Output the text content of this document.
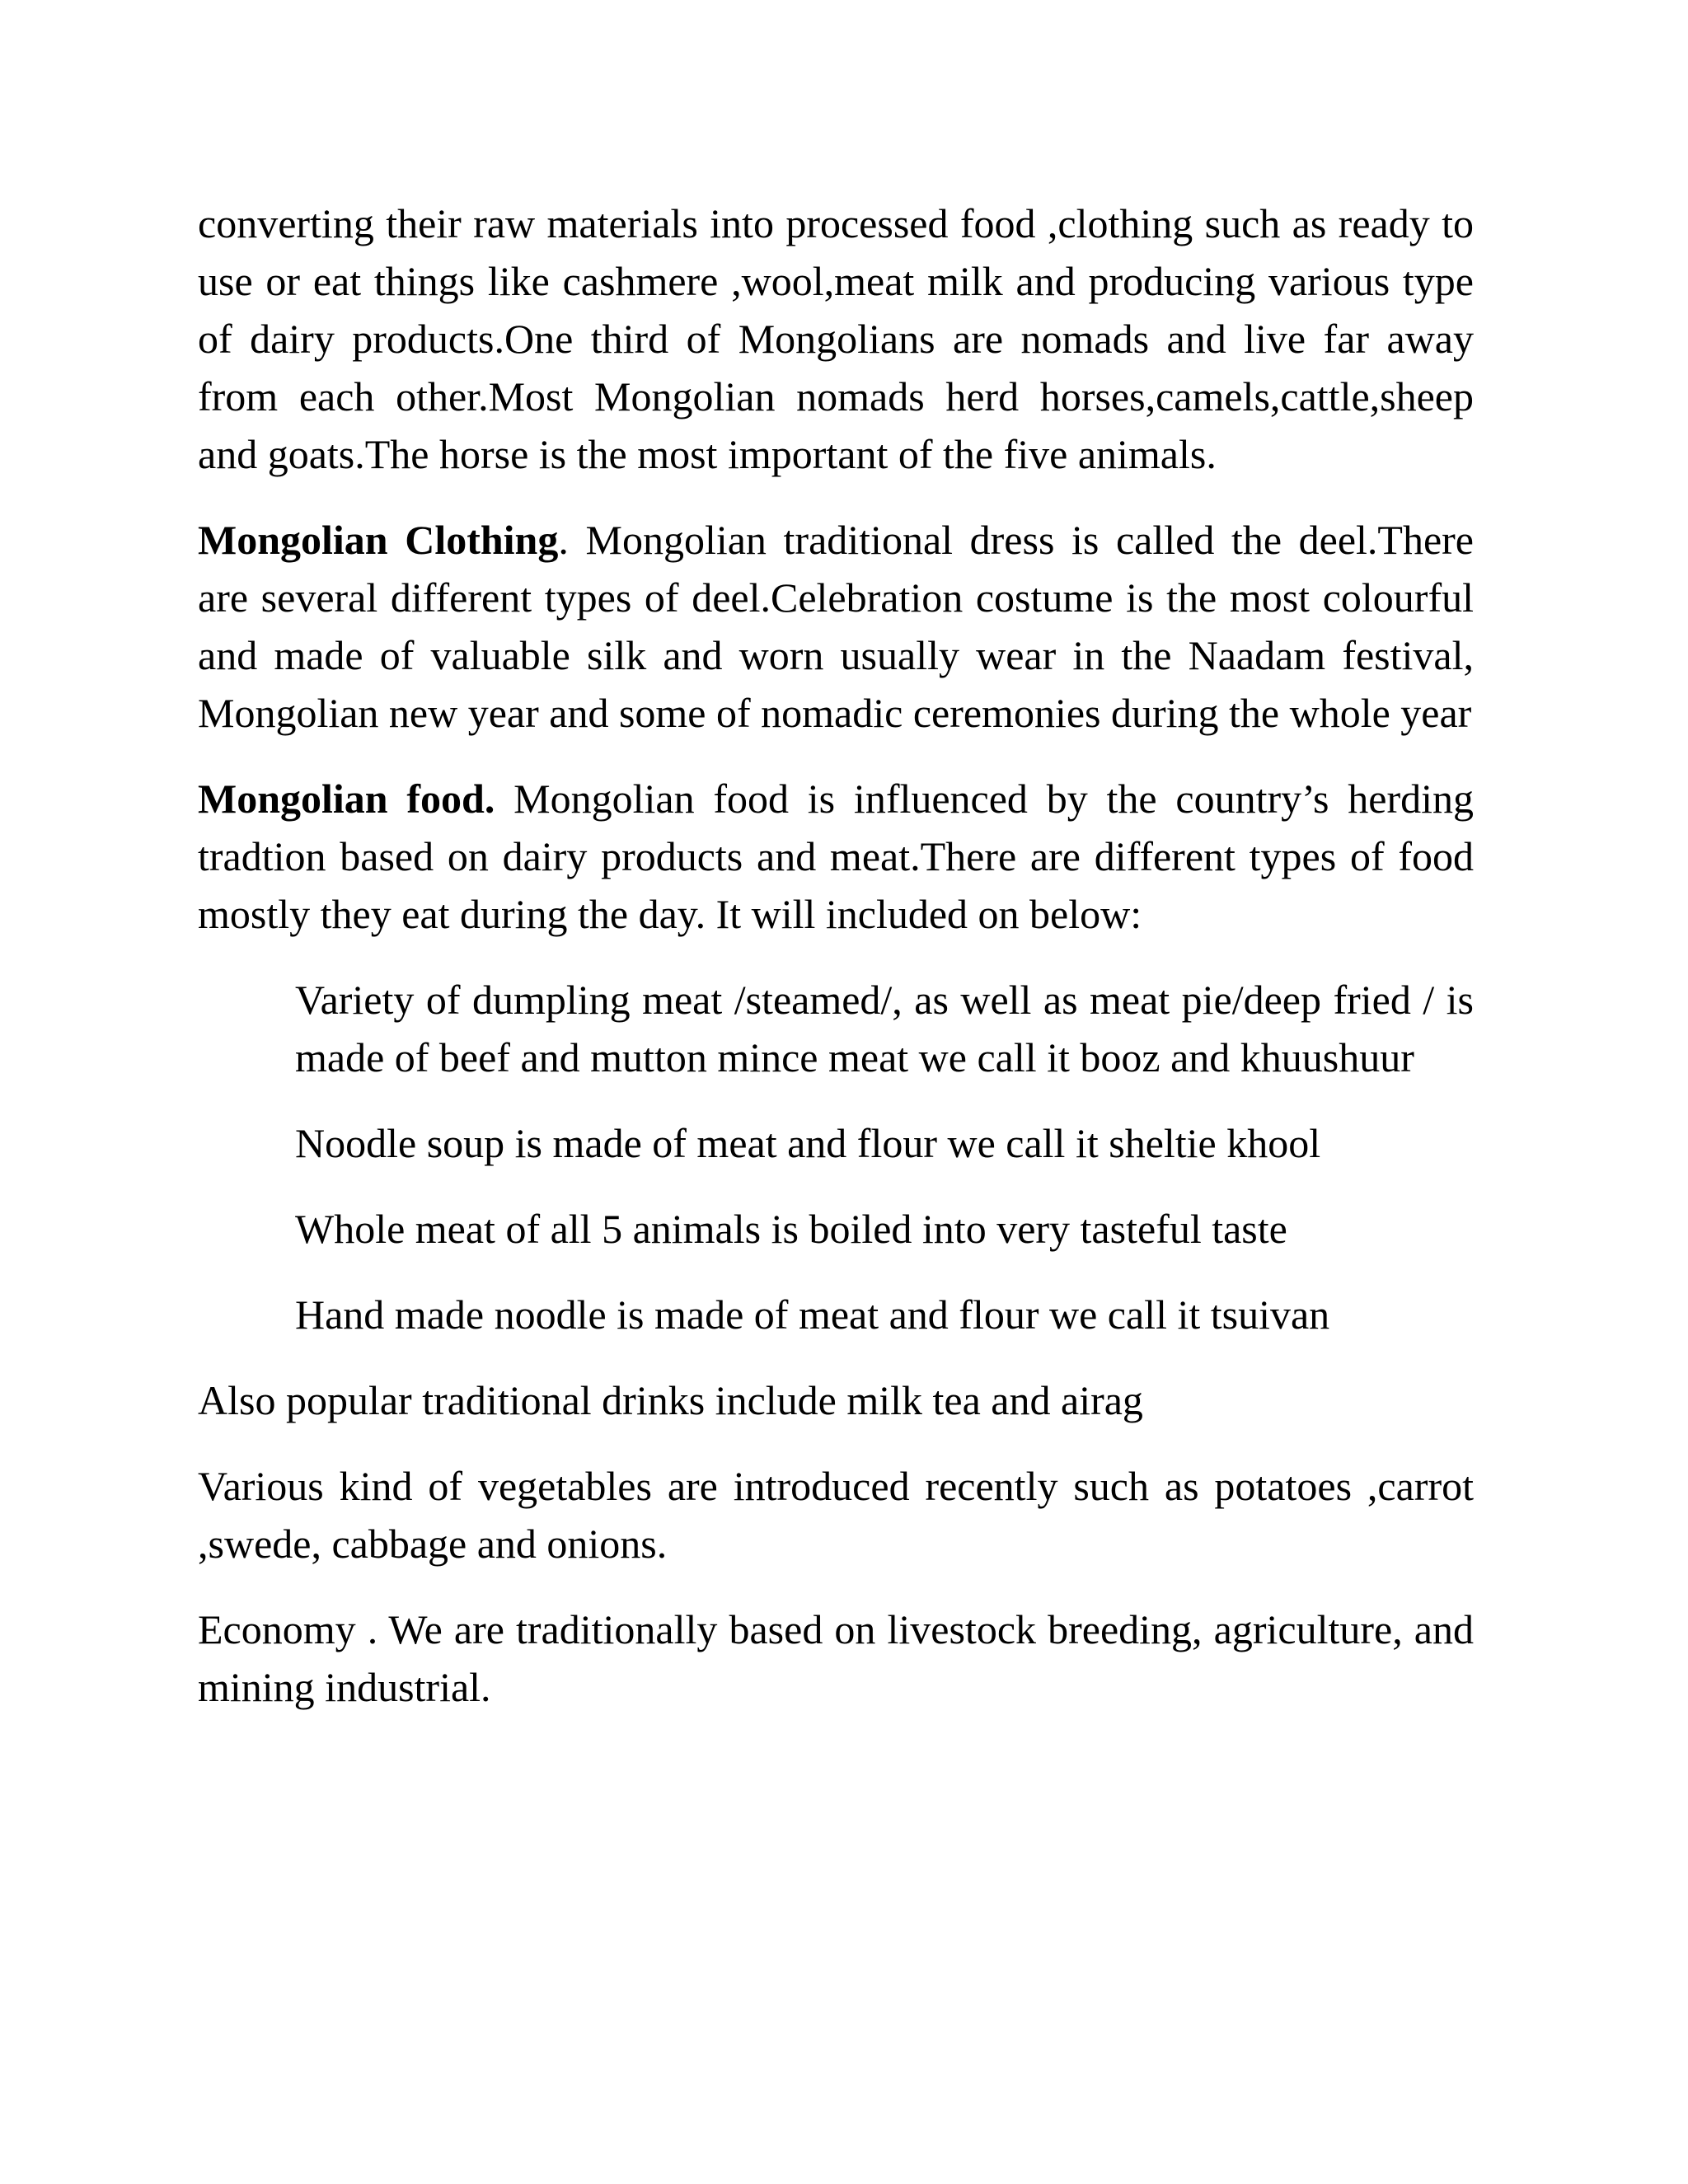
converting their raw materials into processed food ,clothing such as ready to use or eat things like cashmere ,wool,meat milk and producing various type of dairy products.One third of Mongolians are nomads and live far away from each other.Most Mongolian nomads herd horses,camels,cattle,sheep and goats.The horse is the most important of the five animals.

Mongolian Clothing. Mongolian traditional dress is called the deel.There are several different types of deel.Celebration costume is the most colourful and made of valuable silk and worn usually wear in the Naadam festival, Mongolian new year and some of nomadic ceremonies during the whole year

Mongolian food. Mongolian food is influenced by the country’s herding tradtion based on dairy products and meat.There are different types of food mostly they eat during the day. It will included on below:

Variety of dumpling meat /steamed/, as well as meat pie/deep fried / is made of beef and mutton mince meat we call it booz and khuushuur

Noodle soup is made of meat and flour we call it sheltie khool

Whole meat of all 5 animals is boiled into very tasteful taste

Hand made noodle is made of meat and flour we call it tsuivan

Also popular traditional drinks include milk tea and airag

Various kind of vegetables are introduced recently such as potatoes ,carrot ,swede, cabbage and onions.

Economy . We are traditionally based on livestock breeding, agriculture, and mining industrial.
